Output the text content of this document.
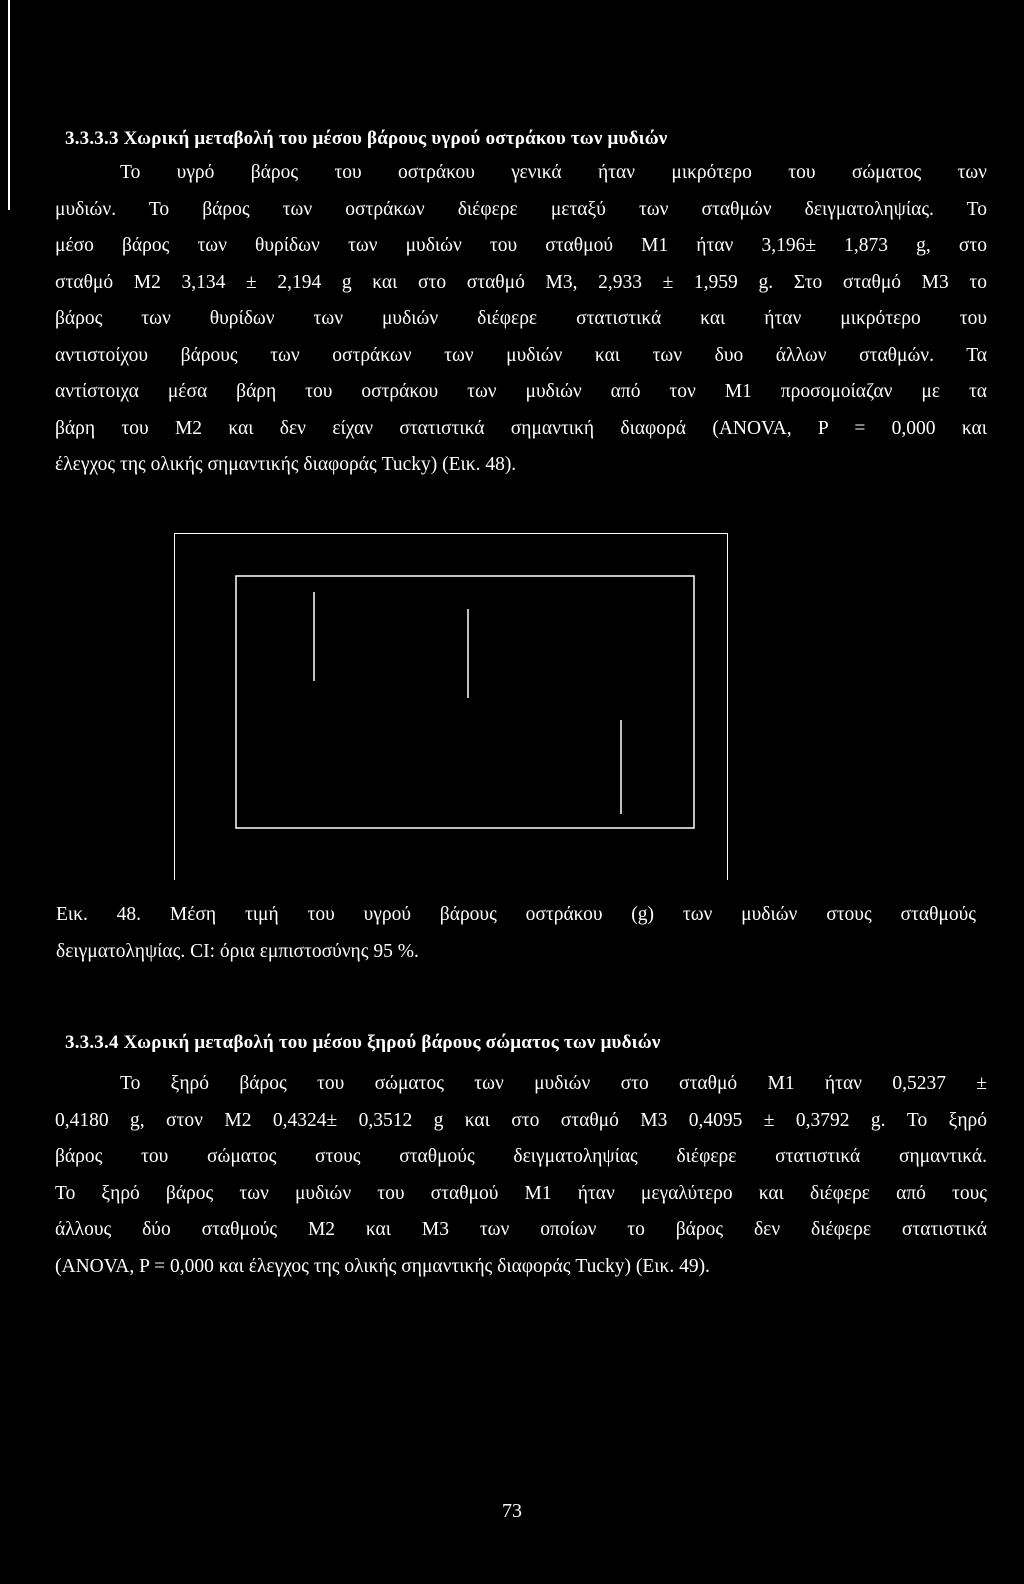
3.3.3.3 Χωρική μεταβολή του μέσου βάρους υγρού οστράκου των μυδιών
Το υγρό βάρος του οστράκου γενικά ήταν μικρότερο του σώματος των
μυδιών. Το βάρος των οστράκων διέφερε μεταξύ των σταθμών δειγματοληψίας. Το
μέσο βάρος των θυρίδων των μυδιών του σταθμού Μ1 ήταν 3,196± 1,873 g, στο
σταθμό Μ2 3,134 ± 2,194 g και στο σταθμό Μ3, 2,933 ± 1,959 g. Στο σταθμό Μ3 το
βάρος των θυρίδων των μυδιών διέφερε στατιστικά και ήταν μικρότερο του
αντιστοίχου βάρους των οστράκων των μυδιών και των δυο άλλων σταθμών. Τα
αντίστοιχα μέσα βάρη του οστράκου των μυδιών από τον Μ1 προσομοίαζαν με τα
βάρη του Μ2 και δεν είχαν στατιστικά σημαντική διαφορά (ANOVA, P = 0,000 και
έλεγχος της ολικής σημαντικής διαφοράς Tucky) (Εικ. 48).
Εικ. 48. Μέση τιμή του υγρού βάρους οστράκου (g) των μυδιών στους σταθμούς
δειγματοληψίας. CI: όρια εμπιστοσύνης 95 %.
3.3.3.4 Χωρική μεταβολή του μέσου ξηρού βάρους σώματος των μυδιών
Το ξηρό βάρος του σώματος των μυδιών στο σταθμό Μ1 ήταν 0,5237 ±
0,4180 g, στον Μ2 0,4324± 0,3512 g και στο σταθμό Μ3 0,4095 ± 0,3792 g. Το ξηρό
βάρος του σώματος στους σταθμούς δειγματοληψίας διέφερε στατιστικά σημαντικά.
Το ξηρό βάρος των μυδιών του σταθμού Μ1 ήταν μεγαλύτερο και διέφερε από τους
άλλους δύο σταθμούς Μ2 και Μ3 των οποίων το βάρος δεν διέφερε στατιστικά
(ANOVA, P = 0,000 και έλεγχος της ολικής σημαντικής διαφοράς Tucky) (Εικ. 49).
73
